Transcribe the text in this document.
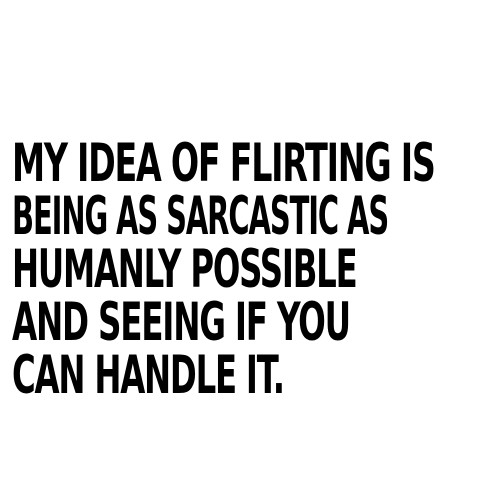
MY IDEA OF FLIRTING IS
BEING AS SARCASTIC AS
HUMANLY POSSIBLE
AND SEEING IF YOU
CAN HANDLE IT.
